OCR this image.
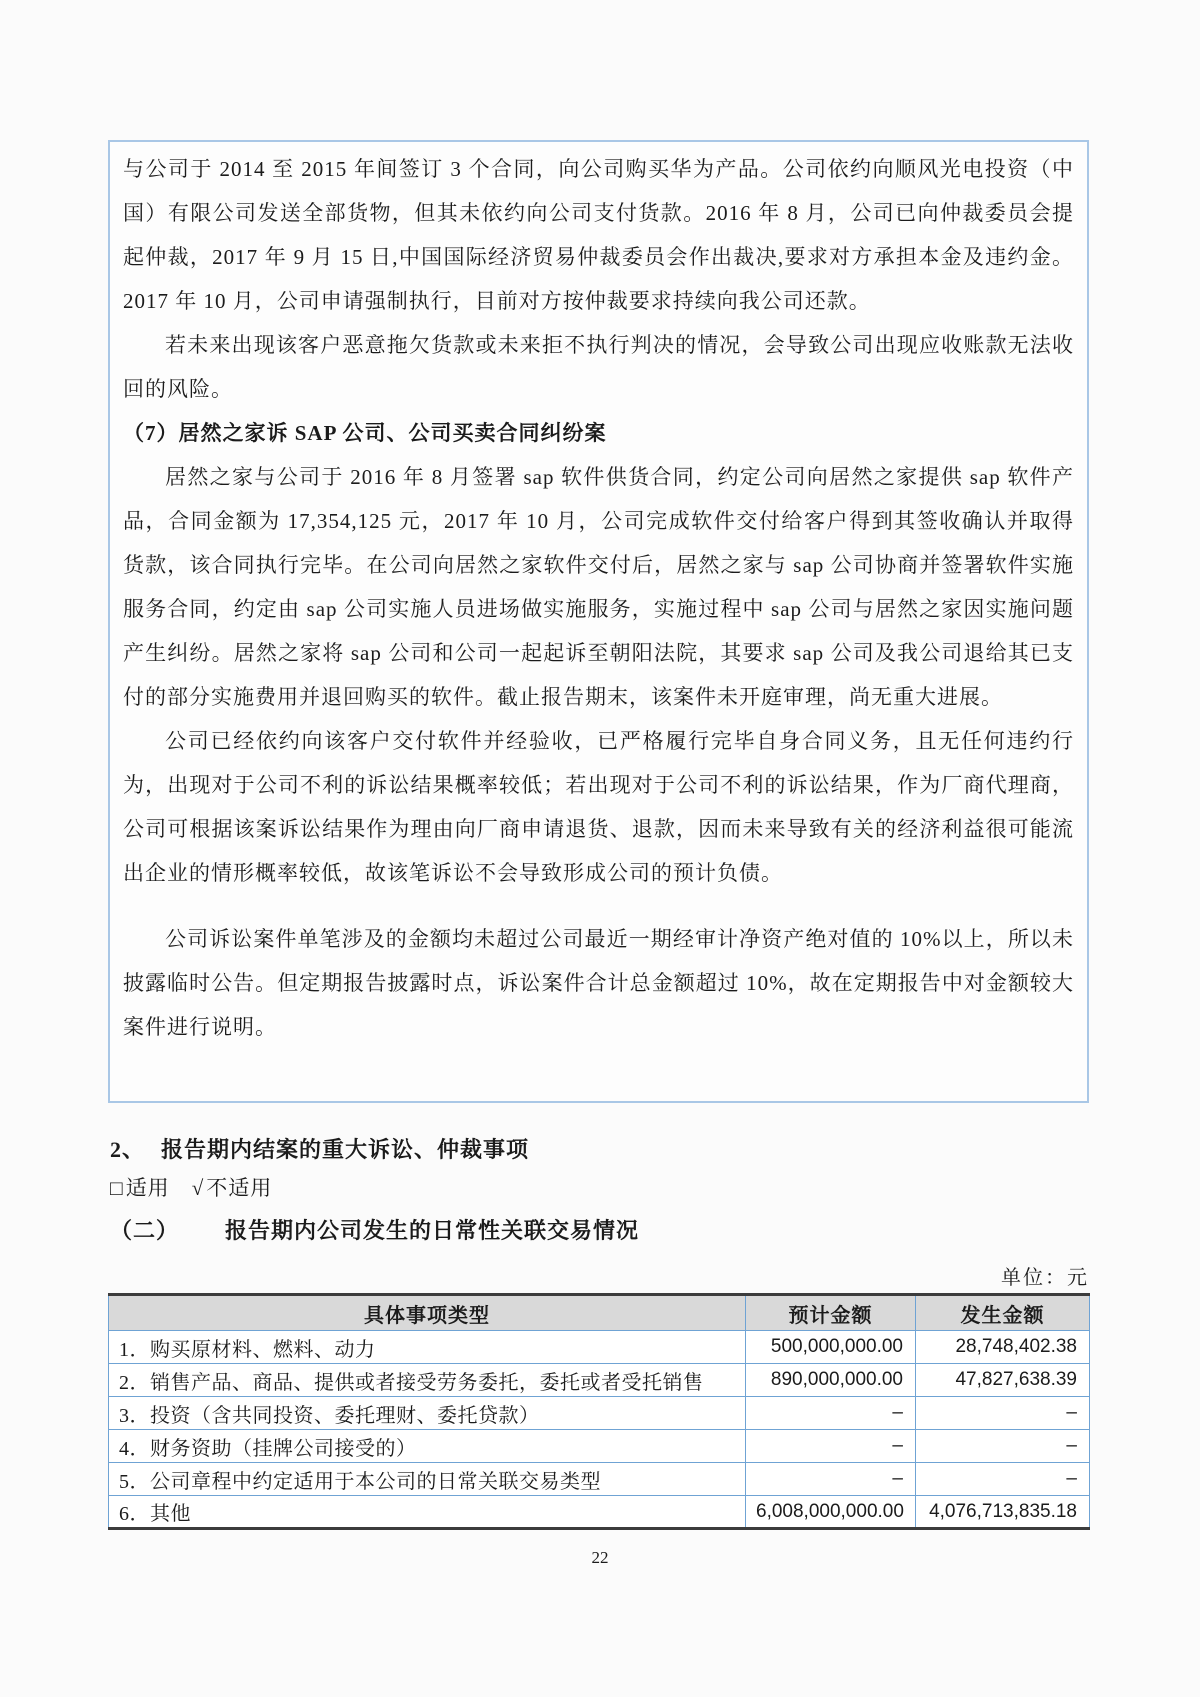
与公司于 2014 至 2015 年间签订 3 个合同，向公司购买华为产品。公司依约向顺风光电投资（中国）有限公司发送全部货物，但其未依约向公司支付货款。2016 年 8 月，公司已向仲裁委员会提起仲裁，2017 年 9 月 15 日,中国国际经济贸易仲裁委员会作出裁决,要求对方承担本金及违约金。2017 年 10 月，公司申请强制执行，目前对方按仲裁要求持续向我公司还款。

若未来出现该客户恶意拖欠货款或未来拒不执行判决的情况，会导致公司出现应收账款无法收回的风险。

（7）居然之家诉 SAP 公司、公司买卖合同纠纷案

居然之家与公司于 2016 年 8 月签署 sap 软件供货合同，约定公司向居然之家提供 sap 软件产品，合同金额为 17,354,125 元，2017 年 10 月，公司完成软件交付给客户得到其签收确认并取得货款，该合同执行完毕。在公司向居然之家软件交付后，居然之家与 sap 公司协商并签署软件实施服务合同，约定由 sap 公司实施人员进场做实施服务，实施过程中 sap 公司与居然之家因实施问题产生纠纷。居然之家将 sap 公司和公司一起起诉至朝阳法院，其要求 sap 公司及我公司退给其已支付的部分实施费用并退回购买的软件。截止报告期末，该案件未开庭审理，尚无重大进展。

公司已经依约向该客户交付软件并经验收，已严格履行完毕自身合同义务，且无任何违约行为，出现对于公司不利的诉讼结果概率较低；若出现对于公司不利的诉讼结果，作为厂商代理商，公司可根据该案诉讼结果作为理由向厂商申请退货、退款，因而未来导致有关的经济利益很可能流出企业的情形概率较低，故该笔诉讼不会导致形成公司的预计负债。

公司诉讼案件单笔涉及的金额均未超过公司最近一期经审计净资产绝对值的 10%以上，所以未披露临时公告。但定期报告披露时点，诉讼案件合计总金额超过 10%，故在定期报告中对金额较大案件进行说明。

2、 报告期内结案的重大诉讼、仲裁事项
□适用 √不适用
（二） 报告期内公司发生的日常性关联交易情况
单位：元
具体事项类型	预计金额	发生金额
1．购买原材料、燃料、动力	500,000,000.00	28,748,402.38
2．销售产品、商品、提供或者接受劳务委托，委托或者受托销售	890,000,000.00	47,827,638.39
3．投资（含共同投资、委托理财、委托贷款）	–	–
4．财务资助（挂牌公司接受的）	–	–
5．公司章程中约定适用于本公司的日常关联交易类型	–	–
6．其他	6,008,000,000.00	4,076,713,835.18
22
